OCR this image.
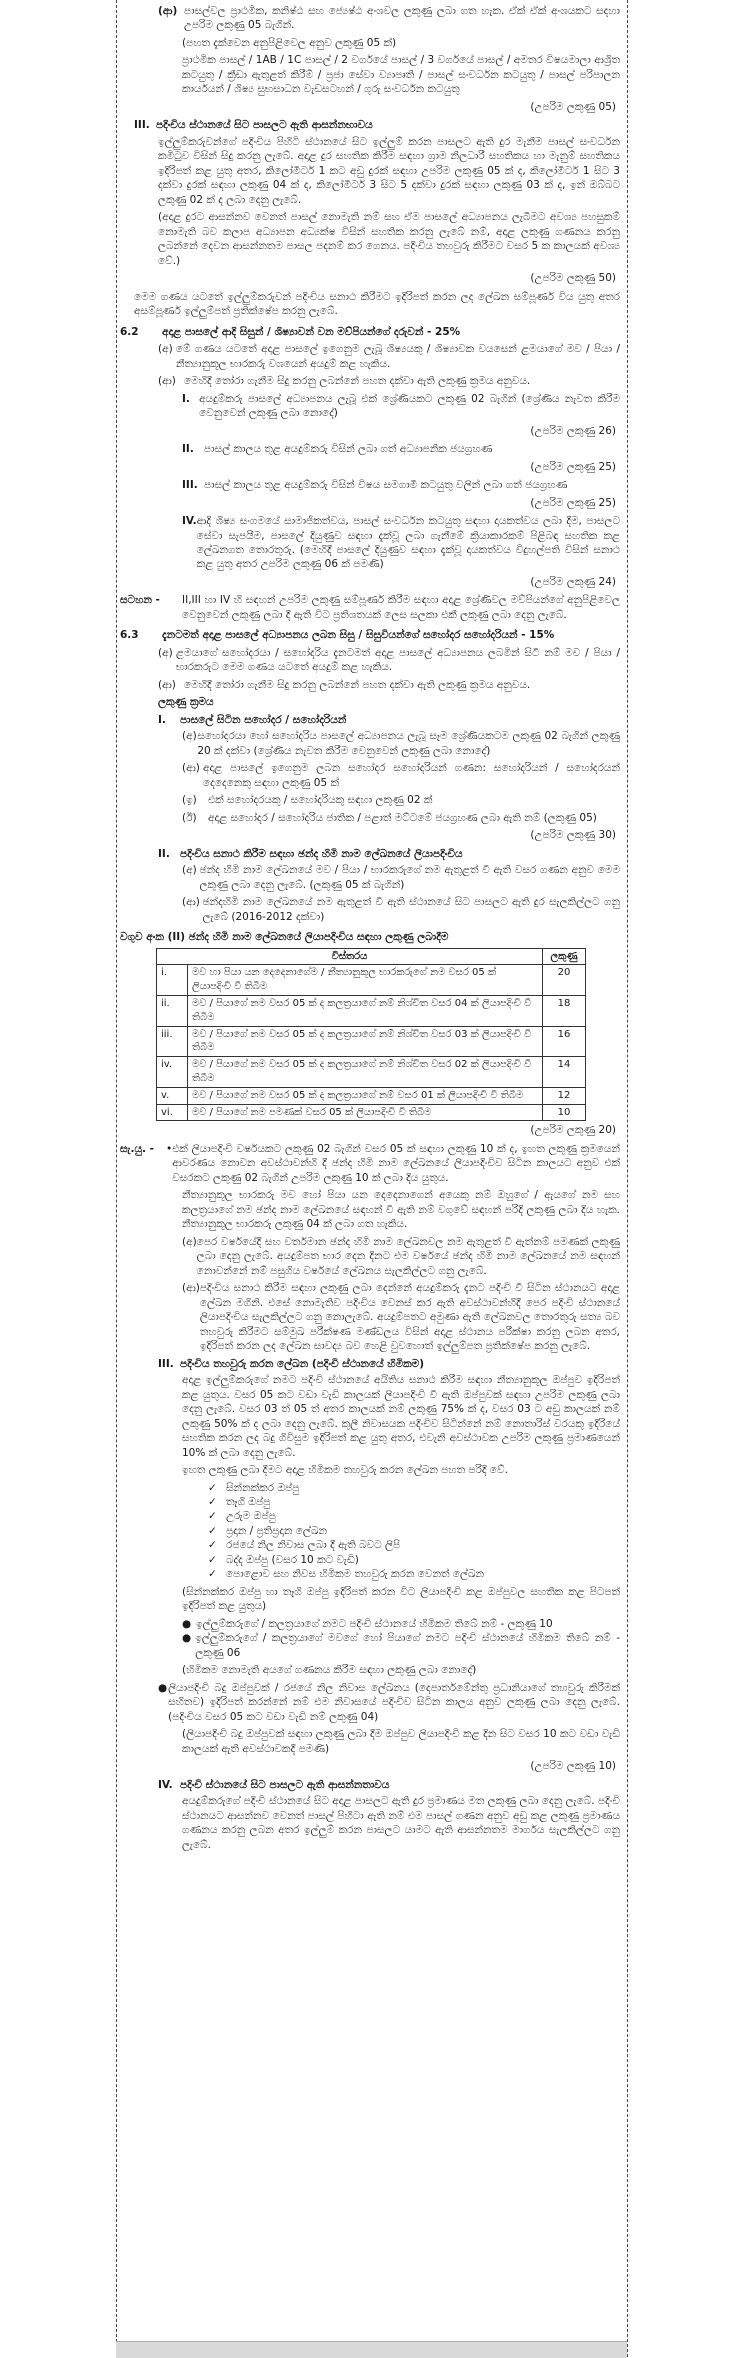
(ආ) පාසල්වල ප්‍රාථමික, කනිෂ්ඨ සහ ජ්‍යෙෂ්ඨ අංශවල ලකුණු ලබා ගත හැක. ඒක් ඒක් අංශයකට සදහා උපරිම ලකුණු 05 බැගින්.
(පහත දැක්වෙන අනුපිළිවෙල අනුව ලකුණු 05 ක්)
ප්‍රාථමික පාසල් / 1AB / 1C පාසල් / 2 වර්ගයේ පාසල් / 3 වර්ගයේ පාසල් / අමතර විෂයමාලා ආශ්‍රිත කටයුතු / ක්‍රීඩා ඇතුළත් කිරීම් / ප්‍රජා සේවා ව්‍යාපෘති / පාසල් සංවර්ධන කටයුතු / පාසල් පරිපාලන කාර්යයන් / ශිෂ්‍ය සුභසාධන වැඩසටහන් / ගුරු සංවර්ධන කටයුතු
(උපරිම ලකුණු 05)
III. පදිංචිය ස්ථානයේ සිට පාසලට ඇති ආසන්නභාවය
ඉල්ලුම්කරුවන්ගේ පදිංචිය පිහිටි ස්ථානයේ සිට ඉල්ලුම් කරන පාසලට ඇති දුර මැනීම පාසල් සංවර්ධන කමිටුව විසින් සිදු කරනු ලැබේ. අදාළ දුර සහතික කිරීම සඳහා ග්‍රාම නිලධාරී සහතිකය හා මැනුම් සහතිකය ඉදිරිපත් කළ යුතු අතර, කිලෝමීටර් 1 කට අඩු දුරක් සඳහා උපරිම ලකුණු 05 ක් ද, කිලෝමීටර් 1 සිට 3 දක්වා දුරක් සඳහා ලකුණු 04 ක් ද, කිලෝමීටර් 3 සිට 5 දක්වා දුරක් සඳහා ලකුණු 03 ක් ද, ඉන් ඔබ්බට ලකුණු 02 ක් ද ලබා දෙනු ලැබේ.
(අදාළ දුරට ආසන්නව වෙනත් පාසල් නොමැති නම් සහ ඒම පාසලේ අධ්‍යාපනය ලැබීමට අවශ්‍ය පහසුකම් නොමැති බව කලාප අධ්‍යාපන අධ්‍යක්ෂ විසින් සහතික කරනු ලැබේ නම්, අදාළ ලකුණු ගණනය කරනු ලබන්නේ දෙවන ආසන්නතම පාසල පදනම් කර ගෙනය. පදිංචිය තහවුරු කිරීමට වසර 5 ක කාලයක් අවශ්‍ය වේ.)
(උපරිම ලකුණු 50)
මෙම ගණය යටතේ ඉල්ලුම්කරුවන් පදිංචිය සනාථ කිරීමට ඉදිරිපත් කරන ලද ලේඛන සම්පූර්ණ විය යුතු අතර අසම්පූර්ණ ඉල්ලුම්පත් ප්‍රතික්ෂේප කරනු ලැබේ.
6.2	අදාළ පාසලේ ආදි සිසුන් / ශිෂ්‍යාවන් වන මව්පියන්ගේ දරුවන් - 25%
(අ) මේ ගණය යටතේ අදාළ පාසලේ ඉගෙනුම ලැබූ ශිෂ්‍යයකු / ශිෂ්‍යාවක වයසෙන් ළමයාගේ මව / පියා / නීත්‍යානුකූල භාරකරු වශයෙන් අයදුම් කළ හැකිය.
(ආ) මෙහිදී තෝරා ගැනීම සිදු කරනු ලබන්නේ පහත දක්වා ඇති ලකුණු ක්‍රමය අනුවය.
I. අයදුම්කරු පාසලේ අධ්‍යාපනය ලැබූ එක් ශ්‍රේණියකට ලකුණු 02 බැගින් (ශ්‍රේණිය නැවත කිරීම වෙනුවෙන් ලකුණු ලබා නොදේ)
(උපරිම ලකුණු 26)
II. පාසල් කාලය තුළ අයදුම්කරු විසින් ලබා ගත් අධ්‍යාපනික ජයග්‍රහණ
(උපරිම ලකුණු 25)
III. පාසල් කාලය තුළ අයදුම්කරු විසින් විෂය සමගාමී කටයුතු වලින් ලබා ගත් ජයග්‍රහණ
(උපරිම ලකුණු 25)
IV. ආදි ශිෂ්‍ය සංගමයේ සාමාජිකත්වය, පාසල් සංවර්ධන කටයුතු සඳහා දායකත්වය ලබා දීම, පාසලට සේවා සැපයීම, පාසලේ දියුණුව සඳහා දැක්වූ ලබා ගැනීමේ ක්‍රියාකාරකම් පිළිබඳ සහතික කළ ලේඛනගත තොරතුරු. (මෙහිදී පාසලේ දියුණුව සඳහා දැක්වූ දායකත්වය විදුහල්පති විසින් සනාථ කළ යුතු අතර උපරිම ලකුණු 06 ක් පමණි)
(උපරිම ලකුණු 24)
සටහන -	II,III හා IV හි සඳහන් උපරිම ලකුණු සම්පූර්ණ කිරීම සඳහා අදාළ ශ්‍රේණිවල මව්පියන්ගේ අනුපිළිවෙල වෙනුවෙන් ලකුණු ලබා දී ඇති විට ප්‍රතිශතයක් ලෙස සලකා එකී ලකුණු ලබා දෙනු ලැබේ.
6.3	දැනටමත් අදාළ පාසලේ අධ්‍යාපනය ලබන සිසු / සිසුවියන්ගේ සහෝදර සහෝදරියන් - 15%
(අ) ළමයාගේ සහෝදරයා / සහෝදරිය දැනටමත් අදාළ පාසලේ අධ්‍යාපනය ලබමින් සිටී නම් මව / පියා / භාරකරුට මෙම ගණය යටතේ අයදුම් කළ හැකිය.
(ආ) මෙහිදී තෝරා ගැනීම සිදු කරනු ලබන්නේ පහත දක්වා ඇති ලකුණු ක්‍රමය අනුවය.
ලකුණු ක්‍රමය
I.	පාසලේ සිටින සහෝදර / සහෝදරියන්
(අ) සහෝදරයා හෝ සහෝදරිය පාසලේ අධ්‍යාපනය ලැබූ සෑම ශ්‍රේණියකටම ලකුණු 02 බැගින් ලකුණු 20 ක් දක්වා (ශ්‍රේණිය නැවත කිරීම වෙනුවෙන් ලකුණු ලබා නොදේ)
(ආ) අදාළ පාසලේ ඉගෙනුම ලබන සහෝදර සහෝදරියන් ගණන: සහෝදරියන් / සහෝදරයන් දෙදෙනෙකු සඳහා ලකුණු 05 ක්
(ඉ)	එක් සහෝදරයකු / සහෝදරියකු සඳහා ලකුණු 02 ක්
(ඊ)	අදාළ සහෝදර / සහෝදරිය ජාතික / පළාත් මට්ටමේ ජයග්‍රහණ ලබා ඇති නම් (ලකුණු 05)
(උපරිම ලකුණු 30)
II. පදිංචිය සනාථ කිරීම සඳහා ඡන්ද හිමි නාම ලේඛනයේ ලියාපදිංචිය
(අ) ඡන්ද හිමි නාම ලේඛනයේ මව / පියා / භාරකරුගේ නම ඇතුළත් වී ඇති වසර ගණන අනුව මෙම ලකුණු ලබා දෙනු ලැබේ. (ලකුණු 05 ක් බැගින්)
(ආ) ඡන්දහිමි නාම ලේඛනයේ නම ඇතුළත් වී ඇති ස්ථානයේ සිට පාසලට ඇති දුර සැලකිල්ලට ගනු ලැබේ (2016-2012 දක්වා)
වගුව අංක (II) ඡන්ද හිමි නාම ලේඛනයේ ලියාපදිංචිය සඳහා ලකුණු ලබාදීම
විස්තරය		ලකුණු
i.	මව හා පියා යන දෙදෙනාගේම / නීත්‍යානුකූල භාරකරුගේ නම වසර 05 ක් ලියාපදිංචි වී තිබීම	20
ii.	මව / පියාගේ නම වසර 05 ක් ද කලත්‍රයාගේ නම් නිශ්චිත වසර 04 ක් ලියාපදිංචි වී තිබීම	18
iii.	මව / පියාගේ නම වසර 05 ක් ද කලත්‍රයාගේ නම් නිශ්චිත වසර 03 ක් ලියාපදිංචි වී තිබීම	16
iv.	මව / පියාගේ නම වසර 05 ක් ද කලත්‍රයාගේ නම් නිශ්චිත වසර 02 ක් ලියාපදිංචි වී තිබීම	14
v.	මව / පියාගේ නම වසර 05 ක් ද කලත්‍රයාගේ නම් වසර 01 ක් ලියාපදිංචි වී තිබීම	12
vi.	මව / පියාගේ නම පමණක් වසර 05 ක් ලියාපදිංචි වී තිබීම	10
(උපරිම ලකුණු 20)
සැ.යු. -	• එක් ලියාපදිංචි වර්ෂයකට ලකුණු 02 බැගින් වසර 05 ක් සඳහා ලකුණු 10 ක් ද, ඉහත ලකුණු ක්‍රමයෙන් ආවරණය නොවන අවස්ථාවන්හි දී ඡන්ද හිමි නාම ලේඛනයේ ලියාපදිංචිව සිටින කාලයට අනුව එක් වසරකට ලකුණු 02 බැගින් උපරිම ලකුණු 10 ක් ලබා දිය යුතුය.
නීත්‍යානුකූල භාරකරු මව හෝ පියා යන දෙදෙනාගෙන් අයෙකු නම් ඔහුගේ / ඇයගේ නම සහ කලත්‍රයාගේ නම ඡන්ද නාම ලේඛනයේ සඳහන් වී ඇති නම් වගුවේ සඳහන් පරිදි ලකුණු ලබා දිය හැක. නීත්‍යානුකූල භාරකරු ලකුණු 04 ක් ලබා ගත හැකිය.
(අ) පෙර වර්ෂයේදී සහ වර්තමාන ඡන්ද හිමි නාම ලේඛනවල නම ඇතුළත් වී ඇත්නම් පමණක් ලකුණු ලබා දෙනු ලැබේ. අයදුම්පත භාර දෙන දිනට එම වර්ෂයේ ඡන්ද හිමි නාම ලේඛනයේ නම සඳහන් නොවන්නේ නම් පසුගිය වර්ෂයේ ලේඛනය සැලකිල්ලට ගනු ලැබේ.
(ආ) පදිංචිය සනාථ කිරීම සඳහා ලකුණු ලබා දෙන්නේ අයදුම්කරු දැනට පදිංචි වී සිටින ස්ථානයට අදාළ ලේඛන මගිනි. එසේ නොමැතිව පදිංචිය වෙනස් කර ඇති අවස්ථාවන්හිදී පෙර පදිංචි ස්ථානයේ ලියාපදිංචිය සැලකිල්ලට ගනු නොලැබේ. අයදුම්පතට අමුණා ඇති ලේඛනවල තොරතුරු සත්‍ය බව තහවුරු කිරීමට සම්මුඛ පරීක්ෂණ මණ්ඩලය විසින් අදාළ ස්ථානය පරීක්ෂා කරනු ලබන අතර, ඉදිරිපත් කරන ලද ලේඛන සාවද්‍ය බව හෙළි වුවහොත් ඉල්ලුම්පත ප්‍රතික්ෂේප කරනු ලැබේ.
III. පදිංචිය තහවුරු කරන ලේඛන (පදිංචි ස්ථානයේ හිමිකම)
අදාළ ඉල්ලුම්කරුගේ නමට පදිංචි ස්ථානයේ අයිතිය සනාථ කිරීම සඳහා නීත්‍යානුකූල ඔප්පුව ඉදිරිපත් කළ යුතුය. වසර 05 කට වඩා වැඩි කාලයක් ලියාපදිංචි වී ඇති ඔප්පුවක් සඳහා උපරිම ලකුණු ලබා දෙනු ලැබේ. වසර 03 ත් 05 ත් අතර කාලයක් නම් ලකුණු 75% ක් ද, වසර 03 ට අඩු කාලයක් නම් ලකුණු 50% ක් ද ලබා දෙනු ලැබේ. කුලී නිවාසයක පදිංචිව සිටින්නේ නම් නොතාරිස් වරයකු ඉදිරියේ සහතික කරන ලද බදු ගිවිසුම ඉදිරිපත් කළ යුතු අතර, එවැනි අවස්ථාවක උපරිම ලකුණු ප්‍රමාණයෙන් 10% ක් ලබා දෙනු ලැබේ.
ඉහත ලකුණු ලබා දීමට අදාළ හිමිකම තහවුරු කරන ලේඛන පහත පරිදි වේ.
✓ සින්නක්කර ඔප්පු
✓ තෑගි ඔප්පු
✓ උරුම ඔප්පු
✓ ප්‍රදාන / ප්‍රතිප්‍රදාන ලේඛන
✓ රජයේ නිල නිවාස ලබා දී ඇති බවට ලිපි
✓ බද්ද ඔප්පු (වසර 10 කට වැඩි)
✓ පොළොව සහ නිවස හිමිකම තහවුරු කරන වෙනත් ලේඛන
(සින්නක්කර ඔප්පු හා තෑගි ඔප්පු ඉදිරිපත් කරන විට ලියාපදිංචි කළ ඔප්පුවල සහතික කළ පිටපත් ඉදිරිපත් කළ යුතුය)
● ඉල්ලුම්කරුගේ / කලත්‍රයාගේ නමට පදිංචි ස්ථානයේ හිමිකම තිබේ නම් - ලකුණු 10
● ඉල්ලුම්කරුගේ / කලත්‍රයාගේ මවගේ හෝ පියාගේ නමට පදිංචි ස්ථානයේ හිමිකම තිබේ නම් - ලකුණු 06
(හිමිකම නොමැති අයගේ ගණනය කිරීම සඳහා ලකුණු ලබා නොදේ)
● ලියාපදිංචි බදු ඔප්පුවක් / රජයේ නිල නිවාස ලේඛනය (දෙපාර්තමේන්තු ප්‍රධානියාගේ තහවුරු කිරීමක් සහිතව) ඉදිරිපත් කරන්නේ නම් එම නිවාසයේ පදිංචිව සිටින කාලය අනුව ලකුණු ලබා දෙනු ලැබේ. (පදිංචිය වසර 05 කට වඩා වැඩි නම් ලකුණු 04)
(ලියාපදිංචි බදු ඔප්පුවක් සඳහා ලකුණු ලබා දීම ඔප්පුව ලියාපදිංචි කළ දින සිට වසර 10 කට වඩා වැඩි කාලයක් ඇති අවස්ථාවකදී පමණි)
(උපරිම ලකුණු 10)
IV. පදිංචි ස්ථානයේ සිට පාසලට ඇති ආසන්නතාවය
අයදුම්කරුගේ පදිංචි ස්ථානයේ සිට අදාළ පාසලට ඇති දුර ප්‍රමාණය මත ලකුණු ලබා දෙනු ලැබේ. පදිංචි ස්ථානයට ආසන්නව වෙනත් පාසල් පිහිටා ඇති නම් එම පාසල් ගණන අනුව අඩු කළ ලකුණු ප්‍රමාණය ගණනය කරනු ලබන අතර ඉල්ලුම් කරන පාසලට යාමට ඇති ආසන්නතම මාර්ගය සැලකිල්ලට ගනු ලැබේ.
